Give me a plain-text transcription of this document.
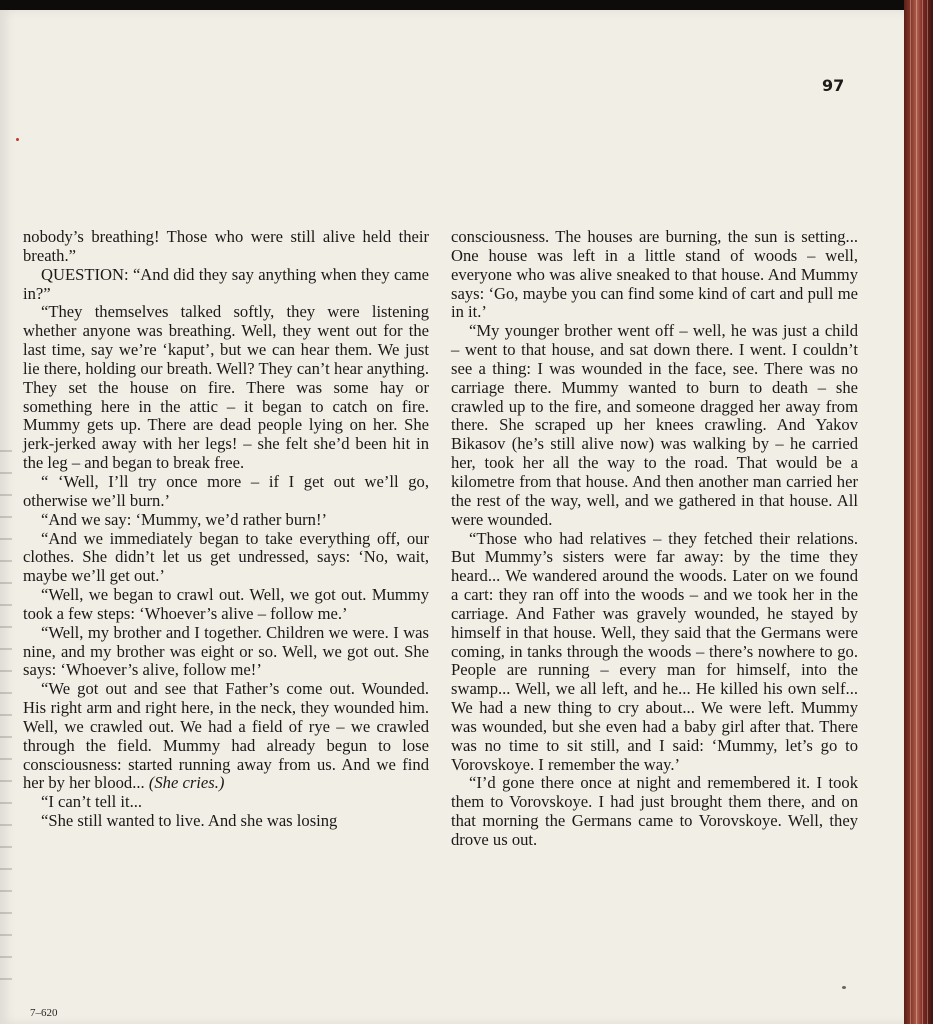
97

nobody’s breathing! Those who were still alive held their breath.”

QUESTION: “And did they say anything when they came in?”

“They themselves talked softly, they were listening whether anyone was breathing. Well, they went out for the last time, say we’re ‘kaput’, but we can hear them. We just lie there, holding our breath. Well? They can’t hear anything. They set the house on fire. There was some hay or something here in the attic – it began to catch on fire. Mummy gets up. There are dead people lying on her. She jerk-jerked away with her legs! – she felt she’d been hit in the leg – and began to break free.

“ ‘Well, I’ll try once more – if I get out we’ll go, otherwise we’ll burn.’

“And we say: ‘Mummy, we’d rather burn!’

“And we immediately began to take everything off, our clothes. She didn’t let us get undressed, says: ‘No, wait, maybe we’ll get out.’

“Well, we began to crawl out. Well, we got out. Mummy took a few steps: ‘Whoever’s alive – follow me.’

“Well, my brother and I together. Children we were. I was nine, and my brother was eight or so. Well, we got out. She says: ‘Whoever’s alive, follow me!’

“We got out and see that Father’s come out. Wounded. His right arm and right here, in the neck, they wounded him. Well, we crawled out. We had a field of rye – we crawled through the field. Mummy had already begun to lose consciousness: started running away from us. And we find her by her blood... (She cries.)

“I can’t tell it...

“She still wanted to live. And she was losing

consciousness. The houses are burning, the sun is setting... One house was left in a little stand of woods – well, everyone who was alive sneaked to that house. And Mummy says: ‘Go, maybe you can find some kind of cart and pull me in it.’

“My younger brother went off – well, he was just a child – went to that house, and sat down there. I went. I couldn’t see a thing: I was wounded in the face, see. There was no carriage there. Mummy wanted to burn to death – she crawled up to the fire, and someone dragged her away from there. She scraped up her knees crawling. And Yakov Bikasov (he’s still alive now) was walking by – he carried her, took her all the way to the road. That would be a kilometre from that house. And then another man carried her the rest of the way, well, and we gathered in that house. All were wounded.

“Those who had relatives – they fetched their relations. But Mummy’s sisters were far away: by the time they heard... We wandered around the woods. Later on we found a cart: they ran off into the woods – and we took her in the carriage. And Father was gravely wounded, he stayed by himself in that house. Well, they said that the Germans were coming, in tanks through the woods – there’s nowhere to go. People are running – every man for himself, into the swamp... Well, we all left, and he... He killed his own self... We had a new thing to cry about... We were left. Mummy was wounded, but she even had a baby girl after that. There was no time to sit still, and I said: ‘Mummy, let’s go to Vorovskoye. I remember the way.’

“I’d gone there once at night and remembered it. I took them to Vorovskoye. I had just brought them there, and on that morning the Germans came to Vorovskoye. Well, they drove us out.

7–620
